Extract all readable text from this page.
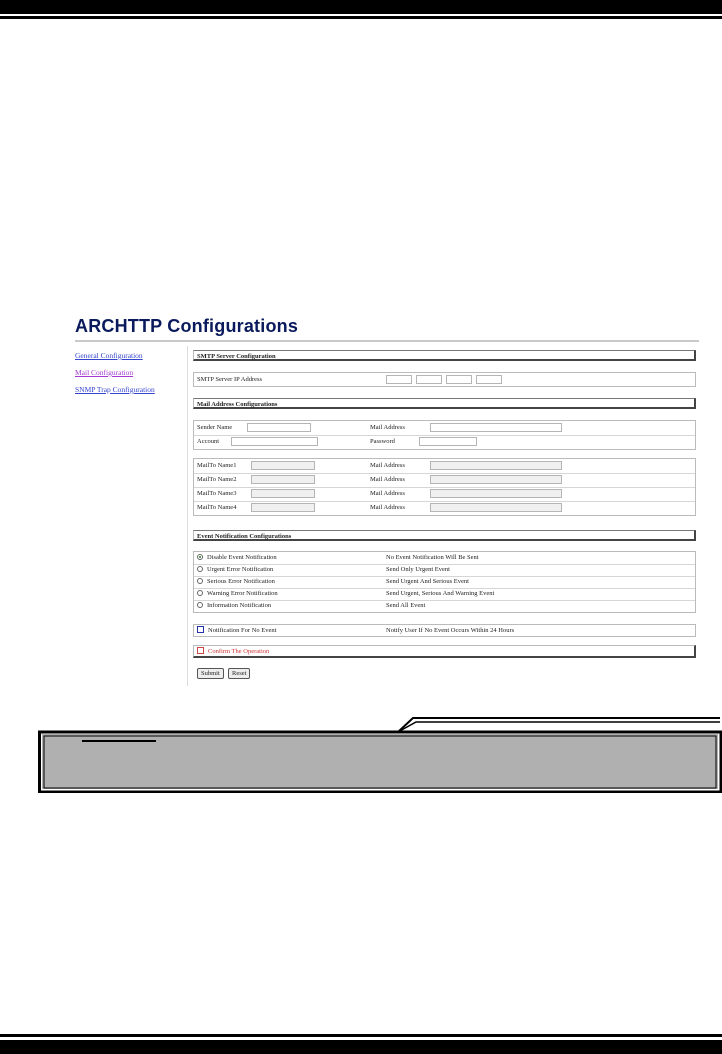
ARCHTTP Configurations
General Configuration
Mail Configuration
SNMP Trap Configuration
SMTP Server Configuration
SMTP Server IP Address
Mail Address Configurations
Sender Name	Mail Address
Account	Password
MailTo Name1	Mail Address
MailTo Name2	Mail Address
MailTo Name3	Mail Address
MailTo Name4	Mail Address
Event Notification Configurations
Disable Event Notification	No Event Notification Will Be Sent
Urgent Error Notification	Send Only Urgent Event
Serious Error Notification	Send Urgent And Serious Event
Warning Error Notification	Send Urgent, Serious And Warning Event
Information Notification	Send All Event
Notification For No Event	Notify User If No Event Occurs Within 24 Hours
Confirm The Operation
Submit	Reset
